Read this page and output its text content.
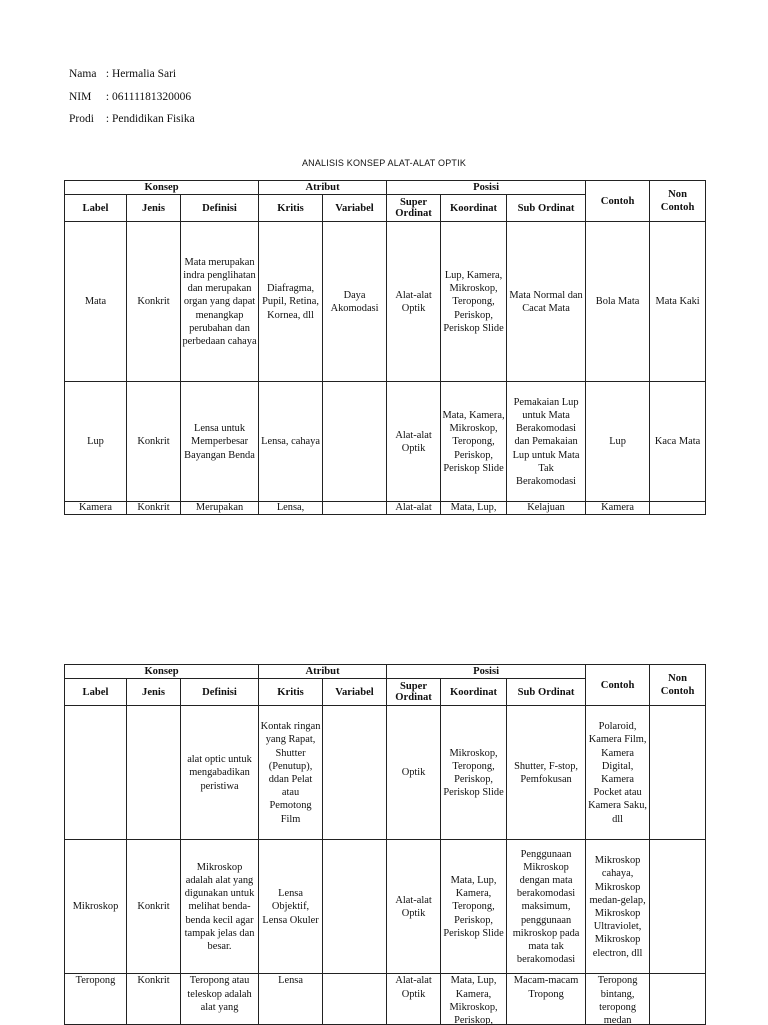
Nama : Hermalia Sari
NIM : 06111181320006
Prodi : Pendidikan Fisika
ANALISIS KONSEP ALAT-ALAT OPTIK
Konsep			Atribut		Posisi			Contoh	Non Contoh
Label	Jenis	Definisi	Kritis	Variabel	Super Ordinat	Koordinat	Sub Ordinat		
Mata	Konkrit	Mata merupakan indra penglihatan dan merupakan organ yang dapat menangkap perubahan dan perbedaan cahaya	Diafragma, Pupil, Retina, Kornea, dll	Daya Akomodasi	Alat-alat Optik	Lup, Kamera, Mikroskop, Teropong, Periskop, Periskop Slide	Mata Normal dan Cacat Mata	Bola Mata	Mata Kaki
Lup	Konkrit	Lensa untuk Memperbesar Bayangan Benda	Lensa, cahaya		Alat-alat Optik	Mata, Kamera, Mikroskop, Teropong, Periskop, Periskop Slide	Pemakaian Lup untuk Mata Berakomodasi dan Pemakaian Lup untuk Mata Tak Berakomodasi	Lup	Kaca Mata

Kamera	Konkrit	Merupakan	Lensa,		Alat-alat	Mata, Lup,	Kelajuan	Kamera	

Konsep			Atribut		Posisi			Contoh	Non Contoh
Label	Jenis	Definisi	Kritis	Variabel	Super Ordinat	Koordinat	Sub Ordinat		
		alat optic untuk mengabadikan peristiwa	Kontak ringan yang Rapat, Shutter (Penutup), ddan Pelat atau Pemotong Film		Optik	Mikroskop, Teropong, Periskop, Periskop Slide	Shutter, F-stop, Pemfokusan	Polaroid, Kamera Film, Kamera Digital, Kamera Pocket atau Kamera Saku, dll	
Mikroskop	Konkrit	Mikroskop adalah alat yang digunakan untuk melihat benda-benda kecil agar tampak jelas dan besar.	Lensa Objektif, Lensa Okuler		Alat-alat Optik	Mata, Lup, Kamera, Teropong, Periskop, Periskop Slide	Penggunaan Mikroskop dengan mata berakomodasi maksimum, penggunaan mikroskop pada mata tak berakomodasi	Mikroskop cahaya, Mikroskop medan-gelap, Mikroskop Ultraviolet, Mikroskop electron, dll	

Teropong	Konkrit	Teropong atau teleskop adalah alat yang	Lensa		Alat-alat Optik	Mata, Lup, Kamera, Mikroskop, Periskop,	Macam-macam Tropong	Teropong bintang, teropong medan	
